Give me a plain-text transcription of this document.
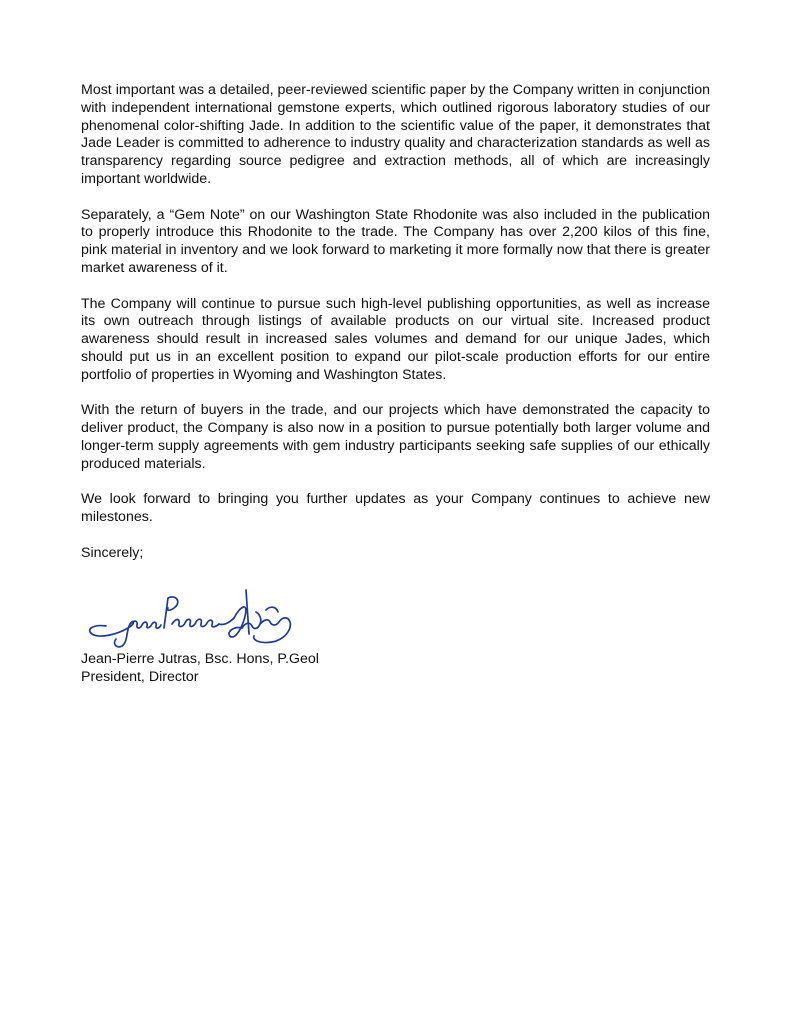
Most important was a detailed, peer-reviewed scientific paper by the Company written in conjunction with independent international gemstone experts, which outlined rigorous laboratory studies of our phenomenal color-shifting Jade. In addition to the scientific value of the paper, it demonstrates that Jade Leader is committed to adherence to industry quality and characterization standards as well as transparency regarding source pedigree and extraction methods, all of which are increasingly important worldwide.

Separately, a “Gem Note” on our Washington State Rhodonite was also included in the publication to properly introduce this Rhodonite to the trade. The Company has over 2,200 kilos of this fine, pink material in inventory and we look forward to marketing it more formally now that there is greater market awareness of it.

The Company will continue to pursue such high-level publishing opportunities, as well as increase its own outreach through listings of available products on our virtual site. Increased product awareness should result in increased sales volumes and demand for our unique Jades, which should put us in an excellent position to expand our pilot-scale production efforts for our entire portfolio of properties in Wyoming and Washington States.

With the return of buyers in the trade, and our projects which have demonstrated the capacity to deliver product, the Company is also now in a position to pursue potentially both larger volume and longer-term supply agreements with gem industry participants seeking safe supplies of our ethically produced materials.

We look forward to bringing you further updates as your Company continues to achieve new milestones.

Sincerely;

Jean-Pierre Jutras, Bsc. Hons, P.Geol
President, Director
